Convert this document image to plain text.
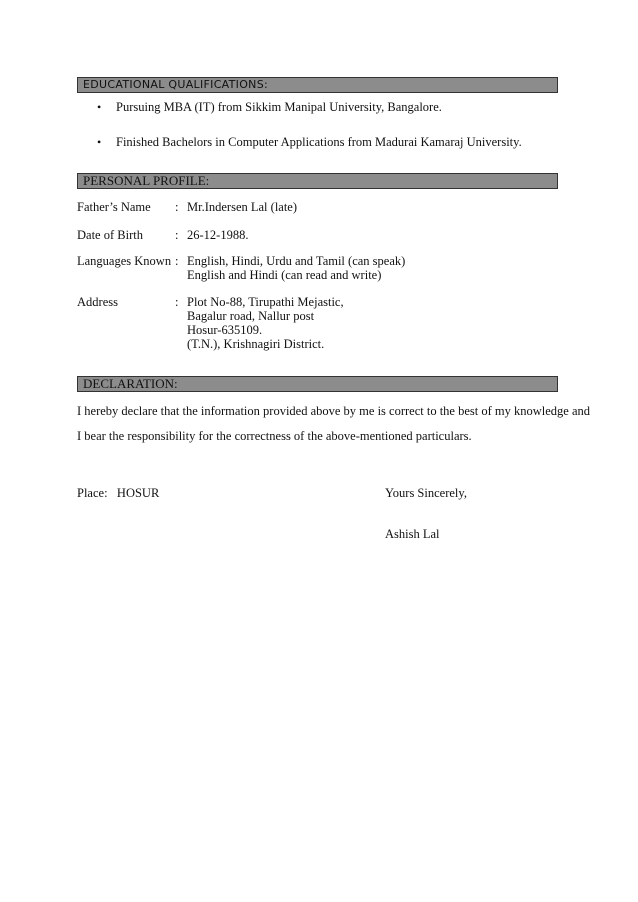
EDUCATIONAL QUALIFICATIONS:
• Pursuing MBA (IT) from Sikkim Manipal University, Bangalore.
• Finished Bachelors in Computer Applications from Madurai Kamaraj University.
PERSONAL PROFILE:
Father’s Name : Mr.Indersen Lal (late)
Date of Birth	: 26-12-1988.
Languages Known : English, Hindi, Urdu and Tamil (can speak)
English and Hindi (can read and write)
Address	: Plot No-88, Tirupathi Mejastic,
Bagalur road, Nallur post
Hosur-635109.
(T.N.), Krishnagiri District.
DECLARATION:
I hereby declare that the information provided above by me is correct to the best of my knowledge and
I bear the responsibility for the correctness of the above-mentioned particulars.
Place:   HOSUR	Yours Sincerely,
Ashish Lal
